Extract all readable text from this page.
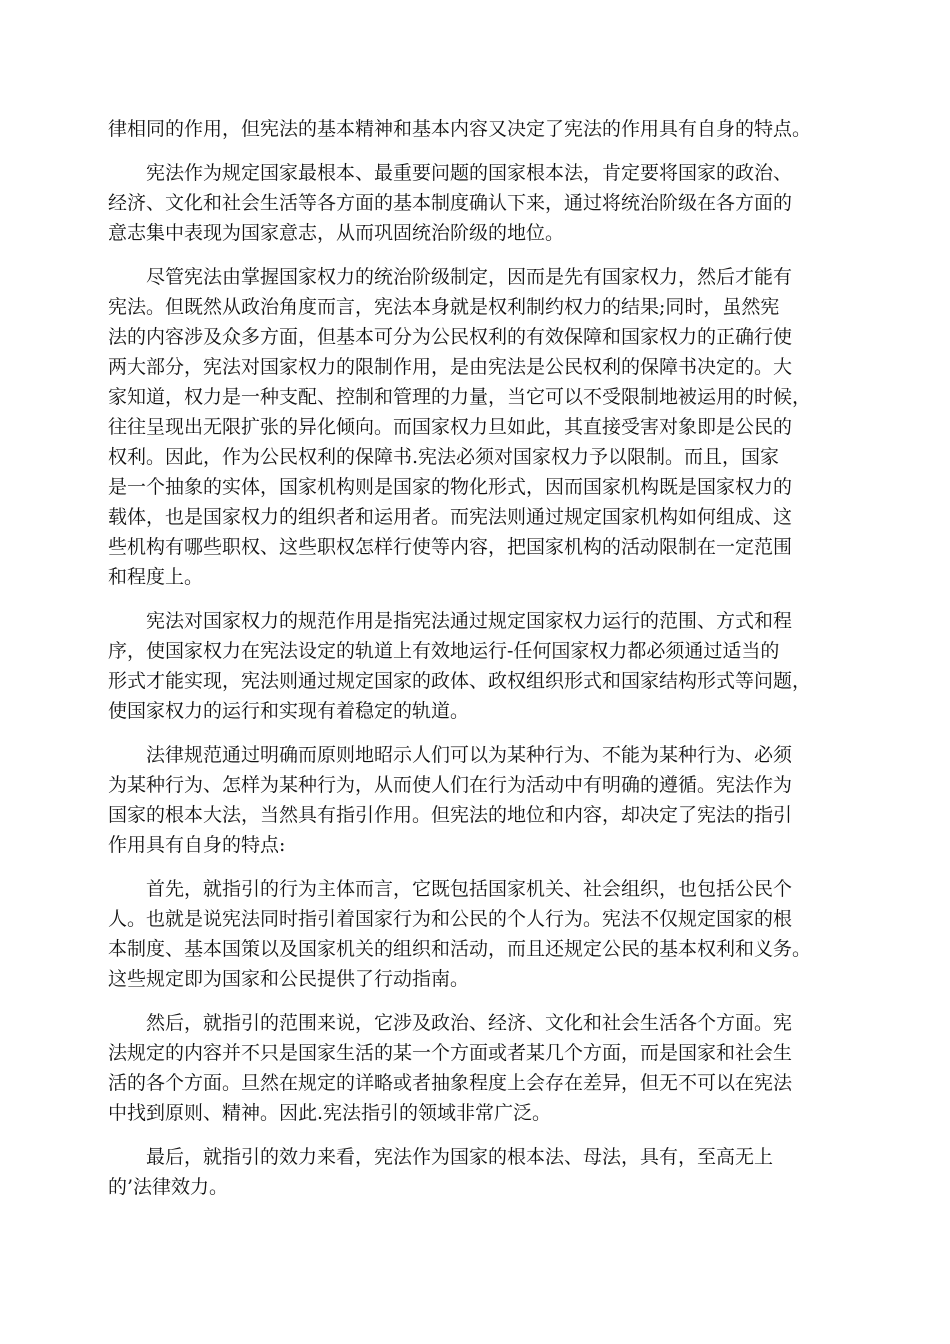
律相同的作用，但宪法的基本精神和基本内容又决定了宪法的作用具有自身的特点。

宪法作为规定国家最根本、最重要问题的国家根本法，肯定要将国家的政治、
经济、文化和社会生活等各方面的基本制度确认下来，通过将统治阶级在各方面的
意志集中表现为国家意志，从而巩固统治阶级的地位。

尽管宪法由掌握国家权力的统治阶级制定，因而是先有国家权力，然后才能有
宪法。但既然从政治角度而言，宪法本身就是权利制约权力的结果;同时，虽然宪
法的内容涉及众多方面，但基本可分为公民权利的有效保障和国家权力的正确行使
两大部分，宪法对国家权力的限制作用，是由宪法是公民权利的保障书决定的。大
家知道，权力是一种支配、控制和管理的力量，当它可以不受限制地被运用的时候，
往往呈现出无限扩张的异化倾向。而国家权力旦如此，其直接受害对象即是公民的
权利。因此，作为公民权利的保障书.宪法必须对国家权力予以限制。而且，国家
是一个抽象的实体，国家机构则是国家的物化形式，因而国家机构既是国家权力的
载体，也是国家权力的组织者和运用者。而宪法则通过规定国家机构如何组成、这
些机构有哪些职权、这些职权怎样行使等内容，把国家机构的活动限制在一定范围
和程度上。

宪法对国家权力的规范作用是指宪法通过规定国家权力运行的范围、方式和程
序，使国家权力在宪法设定的轨道上有效地运行-任何国家权力都必须通过适当的
形式才能实现，宪法则通过规定国家的政体、政权组织形式和国家结构形式等问题，
使国家权力的运行和实现有着稳定的轨道。

法律规范通过明确而原则地昭示人们可以为某种行为、不能为某种行为、必须
为某种行为、怎样为某种行为，从而使人们在行为活动中有明确的遵循。宪法作为
国家的根本大法，当然具有指引作用。但宪法的地位和内容，却决定了宪法的指引
作用具有自身的特点:

首先，就指引的行为主体而言，它既包括国家机关、社会组织，也包括公民个
人。也就是说宪法同时指引着国家行为和公民的个人行为。宪法不仅规定国家的根
本制度、基本国策以及国家机关的组织和活动，而且还规定公民的基本权利和义务。
这些规定即为国家和公民提供了行动指南。

然后，就指引的范围来说，它涉及政治、经济、文化和社会生活各个方面。宪
法规定的内容并不只是国家生活的某一个方面或者某几个方面，而是国家和社会生
活的各个方面。旦然在规定的详略或者抽象程度上会存在差异，但无不可以在宪法
中找到原则、精神。因此.宪法指引的领域非常广泛。

最后，就指引的效力来看，宪法作为国家的根本法、母法，具有，至高无上
的’法律效力。
